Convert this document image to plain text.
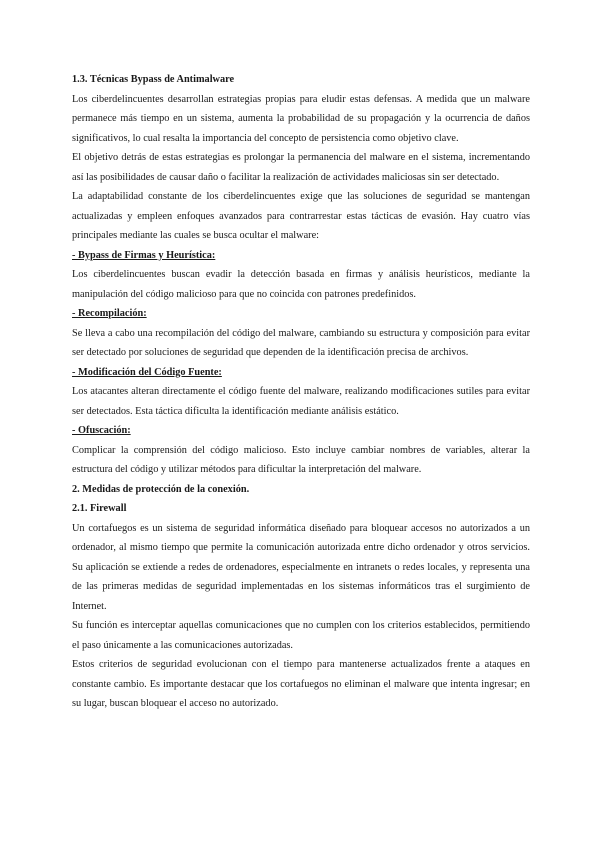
1.3. Técnicas Bypass de Antimalware

Los ciberdelincuentes desarrollan estrategias propias para eludir estas defensas. A medida que un malware permanece más tiempo en un sistema, aumenta la probabilidad de su propagación y la ocurrencia de daños significativos, lo cual resalta la importancia del concepto de persistencia como objetivo clave.

El objetivo detrás de estas estrategias es prolongar la permanencia del malware en el sistema, incrementando así las posibilidades de causar daño o facilitar la realización de actividades maliciosas sin ser detectado.

La adaptabilidad constante de los ciberdelincuentes exige que las soluciones de seguridad se mantengan actualizadas y empleen enfoques avanzados para contrarrestar estas tácticas de evasión. Hay cuatro vías principales mediante las cuales se busca ocultar el malware:

- Bypass de Firmas y Heurística:

Los ciberdelincuentes buscan evadir la detección basada en firmas y análisis heurísticos, mediante la manipulación del código malicioso para que no coincida con patrones predefinidos.

- Recompilación:

Se lleva a cabo una recompilación del código del malware, cambiando su estructura y composición para evitar ser detectado por soluciones de seguridad que dependen de la identificación precisa de archivos.

- Modificación del Código Fuente:

Los atacantes alteran directamente el código fuente del malware, realizando modificaciones sutiles para evitar ser detectados. Esta táctica dificulta la identificación mediante análisis estático.

- Ofuscación:

Complicar la comprensión del código malicioso. Esto incluye cambiar nombres de variables, alterar la estructura del código y utilizar métodos para dificultar la interpretación del malware.

2. Medidas de protección de la conexión.
2.1. Firewall

Un cortafuegos es un sistema de seguridad informática diseñado para bloquear accesos no autorizados a un ordenador, al mismo tiempo que permite la comunicación autorizada entre dicho ordenador y otros servicios. Su aplicación se extiende a redes de ordenadores, especialmente en intranets o redes locales, y representa una de las primeras medidas de seguridad implementadas en los sistemas informáticos tras el surgimiento de Internet.

Su función es interceptar aquellas comunicaciones que no cumplen con los criterios establecidos, permitiendo el paso únicamente a las comunicaciones autorizadas.

Estos criterios de seguridad evolucionan con el tiempo para mantenerse actualizados frente a ataques en constante cambio. Es importante destacar que los cortafuegos no eliminan el malware que intenta ingresar; en su lugar, buscan bloquear el acceso no autorizado.
